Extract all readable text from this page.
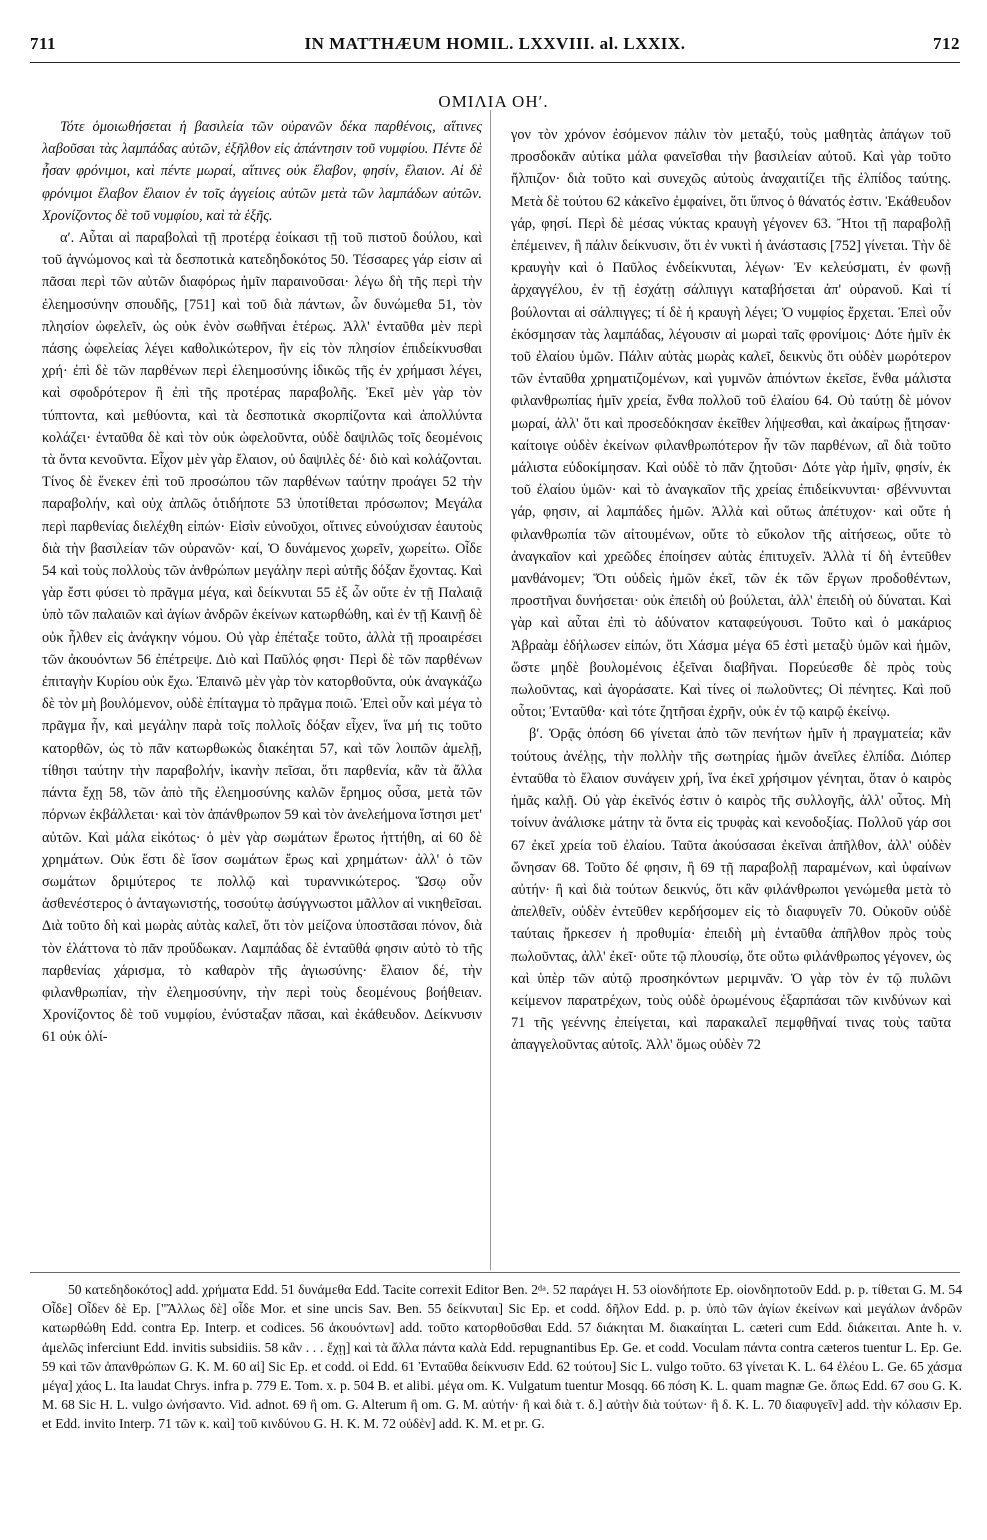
711	IN MATTHÆUM HOMIL. LXXVIII. al. LXXIX.	712
ΟΜΙΛΙΑ ΟΗʹ.

Τότε ὁμοιωθήσεται ἡ βασιλεία τῶν οὐρανῶν δέκα παρθένοις, αἵτινες λαβοῦσαι τὰς λαμπάδας αὐτῶν, ἐξῆλθον εἰς ἀπάντησιν τοῦ νυμφίου. Πέντε δὲ ἦσαν φρόνιμοι, καὶ πέντε μωραί, αἵτινες οὐκ ἔλαβον, φησίν, ἔλαιον. Αἱ δὲ φρόνιμοι ἔλαβον ἔλαιον ἐν τοῖς ἀγγείοις αὐτῶν μετὰ τῶν λαμπάδων αὐτῶν. Χρονίζοντος δὲ τοῦ νυμφίου, καὶ τὰ ἑξῆς.

αʹ. Αὗται αἱ παραβολαὶ τῇ προτέρᾳ ἐοίκασι τῇ τοῦ πιστοῦ δούλου, καὶ τοῦ ἀγνώμονος καὶ τὰ δεσποτικὰ κατεδηδοκότος 50. Τέσσαρες γάρ εἰσιν αἱ πᾶσαι περὶ τῶν αὐτῶν διαφόρως ἡμῖν παραινοῦσαι· λέγω δὴ τῆς περὶ τὴν ἐλεημοσύνην σπουδῆς, [751] καὶ τοῦ διὰ πάντων, ὧν δυνώμεθα 51, τὸν πλησίον ὠφελεῖν, ὡς οὐκ ἐνὸν σωθῆναι ἑτέρως. Ἀλλ' ἐνταῦθα μὲν περὶ πάσης ὠφελείας λέγει καθολικώτερον, ἣν εἰς τὸν πλησίον ἐπιδείκνυσθαι χρή· ἐπὶ δὲ τῶν παρθένων περὶ ἐλεημοσύνης ἰδικῶς τῆς ἐν χρήμασι λέγει, καὶ σφοδρότερον ἢ ἐπὶ τῆς προτέρας παραβολῆς. Ἐκεῖ μὲν γὰρ τὸν τύπτοντα, καὶ μεθύοντα, καὶ τὰ δεσποτικὰ σκορπίζοντα καὶ ἀπολλύντα κολάζει· ἐνταῦθα δὲ καὶ τὸν οὐκ ὠφελοῦντα, οὐδὲ δαψιλῶς τοῖς δεομένοις τὰ ὄντα κενοῦντα. Εἶχον μὲν γὰρ ἔλαιον, οὐ δαψιλὲς δέ· διὸ καὶ κολάζονται. Τίνος δὲ ἕνεκεν ἐπὶ τοῦ προσώπου τῶν παρθένων ταύτην προάγει 52 τὴν παραβολήν, καὶ οὐχ ἁπλῶς ὁτιδήποτε 53 ὑποτίθεται πρόσωπον; Μεγάλα περὶ παρθενίας διελέχθη εἰπών· Εἰσὶν εὐνοῦχοι, οἵτινες εὐνούχισαν ἑαυτοὺς διὰ τὴν βασιλείαν τῶν οὐρανῶν· καί, Ὁ δυνάμενος χωρεῖν, χωρείτω. Οἶδε 54 καὶ τοὺς πολλοὺς τῶν ἀνθρώπων μεγάλην περὶ αὐτῆς δόξαν ἔχοντας. Καὶ γὰρ ἔστι φύσει τὸ πρᾶγμα μέγα, καὶ δείκνυται 55 ἐξ ὧν οὔτε ἐν τῇ Παλαιᾷ ὑπὸ τῶν παλαιῶν καὶ ἁγίων ἀνδρῶν ἐκείνων κατωρθώθη, καὶ ἐν τῇ Καινῇ δὲ οὐκ ἦλθεν εἰς ἀνάγκην νόμου. Οὐ γὰρ ἐπέταξε τοῦτο, ἀλλὰ τῇ προαιρέσει τῶν ἀκουόντων 56 ἐπέτρεψε. Διὸ καὶ Παῦλός φησι· Περὶ δὲ τῶν παρθένων ἐπιταγὴν Κυρίου οὐκ ἔχω. Ἐπαινῶ μὲν γὰρ τὸν κατορθοῦντα, οὐκ ἀναγκάζω δὲ τὸν μὴ βουλόμενον, οὐδὲ ἐπίταγμα τὸ πρᾶγμα ποιῶ. Ἐπεὶ οὖν καὶ μέγα τὸ πρᾶγμα ἦν, καὶ μεγάλην παρὰ τοῖς πολλοῖς δόξαν εἶχεν, ἵνα μή τις τοῦτο κατορθῶν, ὡς τὸ πᾶν κατωρθωκὼς διακέηται 57, καὶ τῶν λοιπῶν ἀμελῇ, τίθησι ταύτην τὴν παραβολήν, ἱκανὴν πεῖσαι, ὅτι παρθενία, κἂν τὰ ἄλλα πάντα ἔχῃ 58, τῶν ἀπὸ τῆς ἐλεημοσύνης καλῶν ἔρημος οὖσα, μετὰ τῶν πόρνων ἐκβάλλεται· καὶ τὸν ἀπάνθρωπον 59 καὶ τὸν ἀνελεήμονα ἵστησι μετ' αὐτῶν. Καὶ μάλα εἰκότως· ὁ μὲν γὰρ σωμάτων ἔρωτος ἡττήθη, αἱ 60 δὲ χρημάτων. Οὐκ ἔστι δὲ ἴσον σωμάτων ἔρως καὶ χρημάτων· ἀλλ' ὁ τῶν σωμάτων δριμύτερος τε πολλῷ καὶ τυραννικώτερος. Ὥσῳ οὖν ἀσθενέστερος ὁ ἀνταγωνιστής, τοσούτῳ ἀσύγγνωστοι μᾶλλον αἱ νικηθεῖσαι. Διὰ τοῦτο δὴ καὶ μωρὰς αὐτὰς καλεῖ, ὅτι τὸν μείζονα ὑποστᾶσαι πόνον, διὰ τὸν ἐλάττονα τὸ πᾶν προὔδωκαν. Λαμπάδας δὲ ἐνταῦθά φησιν αὐτὸ τὸ τῆς παρθενίας χάρισμα, τὸ καθαρὸν τῆς ἁγιωσύνης· ἔλαιον δέ, τὴν φιλανθρωπίαν, τὴν ἐλεημοσύνην, τὴν περὶ τοὺς δεομένους βοήθειαν. Χρονίζοντος δὲ τοῦ νυμφίου, ἐνύσταξαν πᾶσαι, καὶ ἐκάθευδον. Δείκνυσιν 61 οὐκ ὀλί-

γον τὸν χρόνον ἐσόμενον πάλιν τὸν μεταξύ, τοὺς μαθητὰς ἀπάγων τοῦ προσδοκᾶν αὐτίκα μάλα φανεῖσθαι τὴν βασιλείαν αὐτοῦ. Καὶ γὰρ τοῦτο ἤλπιζον· διὰ τοῦτο καὶ συνεχῶς αὐτοὺς ἀναχαιτίζει τῆς ἐλπίδος ταύτης. Μετὰ δὲ τούτου 62 κἀκεῖνο ἐμφαίνει, ὅτι ὕπνος ὁ θάνατός ἐστιν. Ἐκάθευδον γάρ, φησί. Περὶ δὲ μέσας νύκτας κραυγὴ γέγονεν 63. Ἤτοι τῇ παραβολῇ ἐπέμεινεν, ἢ πάλιν δείκνυσιν, ὅτι ἐν νυκτὶ ἡ ἀνάστασις [752] γίνεται. Τὴν δὲ κραυγὴν καὶ ὁ Παῦλος ἐνδείκνυται, λέγων· Ἐν κελεύσματι, ἐν φωνῇ ἀρχαγγέλου, ἐν τῇ ἐσχάτῃ σάλπιγγι καταβήσεται ἀπ' οὐρανοῦ. Καὶ τί βούλονται αἱ σάλπιγγες; τί δὲ ἡ κραυγὴ λέγει; Ὁ νυμφίος ἔρχεται. Ἐπεὶ οὖν ἐκόσμησαν τὰς λαμπάδας, λέγουσιν αἱ μωραὶ ταῖς φρονίμοις· Δότε ἡμῖν ἐκ τοῦ ἐλαίου ὑμῶν. Πάλιν αὐτὰς μωρὰς καλεῖ, δεικνὺς ὅτι οὐδὲν μωρότερον τῶν ἐνταῦθα χρηματιζομένων, καὶ γυμνῶν ἀπιόντων ἐκεῖσε, ἔνθα μάλιστα φιλανθρωπίας ἡμῖν χρεία, ἔνθα πολλοῦ τοῦ ἐλαίου 64. Οὐ ταύτῃ δὲ μόνον μωραί, ἀλλ' ὅτι καὶ προσεδόκησαν ἐκεῖθεν λήψεσθαι, καὶ ἀκαίρως ᾔτησαν· καίτοιγε οὐδὲν ἐκείνων φιλανθρωπότερον ἦν τῶν παρθένων, αἳ διὰ τοῦτο μάλιστα εὐδοκίμησαν. Καὶ οὐδὲ τὸ πᾶν ζητοῦσι· Δότε γὰρ ἡμῖν, φησίν, ἐκ τοῦ ἐλαίου ὑμῶν· καὶ τὸ ἀναγκαῖον τῆς χρείας ἐπιδείκνυνται· σβέννυνται γάρ, φησιν, αἱ λαμπάδες ἡμῶν. Ἀλλὰ καὶ οὕτως ἀπέτυχον· καὶ οὔτε ἡ φιλανθρωπία τῶν αἰτουμένων, οὔτε τὸ εὔκολον τῆς αἰτήσεως, οὔτε τὸ ἀναγκαῖον καὶ χρεῶδες ἐποίησεν αὐτὰς ἐπιτυχεῖν. Ἀλλὰ τί δὴ ἐντεῦθεν μανθάνομεν; Ὅτι οὐδεὶς ἡμῶν ἐκεῖ, τῶν ἐκ τῶν ἔργων προδοθέντων, προστῆναι δυνήσεται· οὐκ ἐπειδὴ οὐ βούλεται, ἀλλ' ἐπειδὴ οὐ δύναται. Καὶ γὰρ καὶ αὗται ἐπὶ τὸ ἀδύνατον καταφεύγουσι. Τοῦτο καὶ ὁ μακάριος Ἀβραὰμ ἐδήλωσεν εἰπών, ὅτι Χάσμα μέγα 65 ἐστὶ μεταξὺ ὑμῶν καὶ ἡμῶν, ὥστε μηδὲ βουλομένοις ἐξεῖναι διαβῆναι. Πορεύεσθε δὲ πρὸς τοὺς πωλοῦντας, καὶ ἀγοράσατε. Καὶ τίνες οἱ πωλοῦντες; Οἱ πένητες. Καὶ ποῦ οὗτοι; Ἐνταῦθα· καὶ τότε ζητῆσαι ἐχρῆν, οὐκ ἐν τῷ καιρῷ ἐκείνῳ.

βʹ. Ὁρᾷς ὁπόση 66 γίνεται ἀπὸ τῶν πενήτων ἡμῖν ἡ πραγματεία; κἂν τούτους ἀνέλῃς, τὴν πολλὴν τῆς σωτηρίας ἡμῶν ἀνεῖλες ἐλπίδα. Διόπερ ἐνταῦθα τὸ ἔλαιον συνάγειν χρή, ἵνα ἐκεῖ χρήσιμον γένηται, ὅταν ὁ καιρὸς ἡμᾶς καλῇ. Οὐ γὰρ ἐκεῖνός ἐστιν ὁ καιρὸς τῆς συλλογῆς, ἀλλ' οὗτος. Μὴ τοίνυν ἀνάλισκε μάτην τὰ ὄντα εἰς τρυφὰς καὶ κενοδοξίας. Πολλοῦ γάρ σοι 67 ἐκεῖ χρεία τοῦ ἐλαίου. Ταῦτα ἀκούσασαι ἐκεῖναι ἀπῆλθον, ἀλλ' οὐδὲν ὤνησαν 68. Τοῦτο δέ φησιν, ἢ 69 τῇ παραβολῇ παραμένων, καὶ ὑφαίνων αὐτήν· ἢ καὶ διὰ τούτων δεικνύς, ὅτι κἂν φιλάνθρωποι γενώμεθα μετὰ τὸ ἀπελθεῖν, οὐδὲν ἐντεῦθεν κερδήσομεν εἰς τὸ διαφυγεῖν 70. Οὐκοῦν οὐδὲ ταύταις ἤρκεσεν ἡ προθυμία· ἐπειδὴ μὴ ἐνταῦθα ἀπῆλθον πρὸς τοὺς πωλοῦντας, ἀλλ' ἐκεῖ· οὔτε τῷ πλουσίῳ, ὅτε οὕτω φιλάνθρωπος γέγονεν, ὡς καὶ ὑπὲρ τῶν αὐτῷ προσηκόντων μεριμνᾶν. Ὁ γὰρ τὸν ἐν τῷ πυλῶνι κείμενον παρατρέχων, τοὺς οὐδὲ ὁρωμένους ἐξαρπάσαι τῶν κινδύνων καὶ 71 τῆς γεέννης ἐπείγεται, καὶ παρακαλεῖ πεμφθῆναί τινας τοὺς ταῦτα ἀπαγγελοῦντας αὐτοῖς. Ἀλλ' ὅμως οὐδὲν 72

50 κατεδηδοκότος] add. χρήματα Edd. 51 δυνάμεθα Edd. Tacite correxit Editor Ben. 2ᵈᵃ. 52 παράγει H. 53 οἱονδήποτε Ep. οἱονδηποτοῦν Edd. p. p. τίθεται G. M. 54 Οἶδε] Οἶδεν δὲ Ep. ["Ἄλλως δὲ] οἶδε Mor. et sine uncis Sav. Ben. 55 δείκνυται] Sic Ep. et codd. δῆλον Edd. p. p. ὑπὸ τῶν ἁγίων ἐκείνων καὶ μεγάλων ἀνδρῶν κατωρθώθη Edd. contra Ep. Interp. et codices. 56 ἀκουόντων] add. τοῦτο κατορθοῦσθαι Edd. 57 διάκηται M. διακαίηται L. cæteri cum Edd. διάκειται. Ante h. v. ἀμελῶς inferciunt Edd. invitis subsidiis. 58 κἂν . . . ἔχῃ] καὶ τὰ ἄλλα πάντα καλὰ Edd. repugnantibus Ep. Ge. et codd. Voculam πάντα contra cæteros tuentur L. Ep. Ge. 59 καὶ τῶν ἀπανθρώπων G. K. M. 60 αἱ] Sic Ep. et codd. οἱ Edd. 61 Ἐνταῦθα δείκνυσιν Edd. 62 τούτου] Sic L. vulgo τοῦτο. 63 γίνεται K. L. 64 ἐλέου L. Ge. 65 χάσμα μέγα] χάος L. Ita laudat Chrys. infra p. 779 E. Tom. x. p. 504 B. et alibi. μέγα om. K. Vulgatum tuentur Mosqq. 66 πόση K. L. quam magnæ Ge. ὅπως Edd. 67 σου G. K. M. 68 Sic H. L. vulgo ὠνήσαντο. Vid. adnot. 69 ἢ om. G. Alterum ἢ om. G. M. αὐτήν· ἢ καὶ διὰ τ. δ.] αὐτὴν διὰ τούτων· ἢ δ. K. L. 70 διαφυγεῖν] add. τὴν κόλασιν Ep. et Edd. invito Interp. 71 τῶν κ. καὶ] τοῦ κινδύνου G. H. K. M. 72 οὐδὲν] add. K. M. et pr. G.
